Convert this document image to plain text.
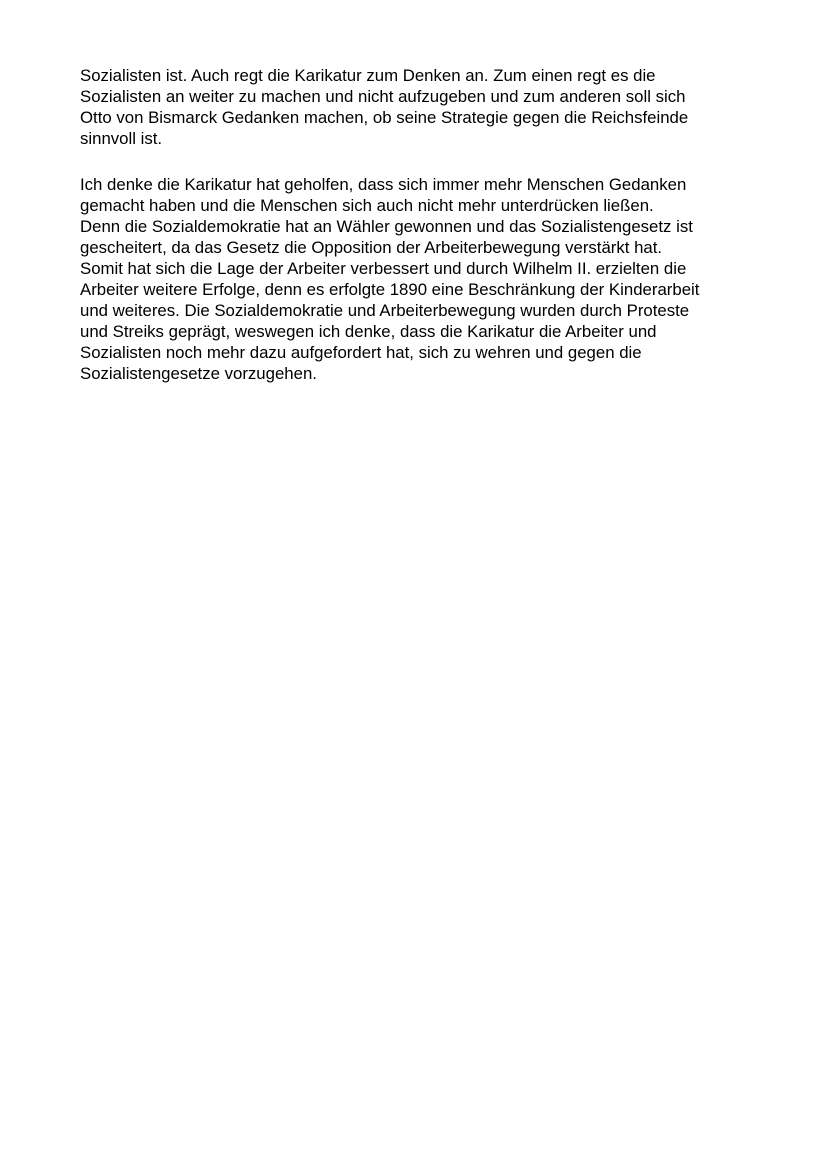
Sozialisten ist. Auch regt die Karikatur zum Denken an. Zum einen regt es die
Sozialisten an weiter zu machen und nicht aufzugeben und zum anderen soll sich
Otto von Bismarck Gedanken machen, ob seine Strategie gegen die Reichsfeinde
sinnvoll ist.
Ich denke die Karikatur hat geholfen, dass sich immer mehr Menschen Gedanken
gemacht haben und die Menschen sich auch nicht mehr unterdrücken ließen.
Denn die Sozialdemokratie hat an Wähler gewonnen und das Sozialistengesetz ist
gescheitert, da das Gesetz die Opposition der Arbeiterbewegung verstärkt hat.
Somit hat sich die Lage der Arbeiter verbessert und durch Wilhelm II. erzielten die
Arbeiter weitere Erfolge, denn es erfolgte 1890 eine Beschränkung der Kinderarbeit
und weiteres. Die Sozialdemokratie und Arbeiterbewegung wurden durch Proteste
und Streiks geprägt, weswegen ich denke, dass die Karikatur die Arbeiter und
Sozialisten noch mehr dazu aufgefordert hat, sich zu wehren und gegen die
Sozialistengesetze vorzugehen.
